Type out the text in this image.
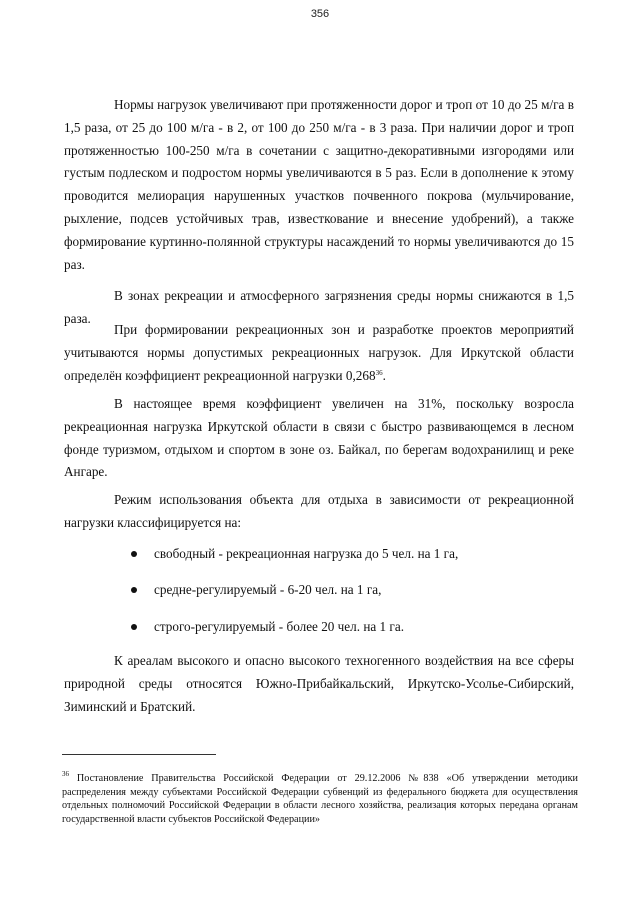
356

Нормы нагрузок увеличивают при протяженности дорог и троп от 10 до 25 м/га в 1,5 раза, от 25 до 100 м/га - в 2, от 100 до 250 м/га - в 3 раза. При наличии дорог и троп протяженностью 100-250 м/га в сочетании с защитно-декоративными изгородями или густым подлеском и подростом нормы увеличиваются в 5 раз. Если в дополнение к этому проводится мелиорация нарушенных участков почвенного покрова (мульчирование, рыхление, подсев устойчивых трав, известкование и внесение удобрений), а также формирование куртинно-полянной структуры насаждений то нормы увеличиваются до 15 раз.

В зонах рекреации и атмосферного загрязнения среды нормы снижаются в 1,5 раза.

При формировании рекреационных зон и разработке проектов мероприятий учитываются нормы допустимых рекреационных нагрузок. Для Иркутской области определён коэффициент рекреационной нагрузки 0,268$^{36}$.

В настоящее время коэффициент увеличен на 31%, поскольку возросла рекреационная нагрузка Иркутской области в связи с быстро развивающемся в лесном фонде туризмом, отдыхом и спортом в зоне оз. Байкал, по берегам водохранилищ и реке Ангаре.

Режим использования объекта для отдыха в зависимости от рекреационной нагрузки классифицируется на:

свободный - рекреационная нагрузка до 5 чел. на 1 га,
средне-регулируемый - 6-20 чел. на 1 га,
строго-регулируемый - более 20 чел. на 1 га.

К ареалам высокого и опасно высокого техногенного воздействия на все сферы природной среды относятся Южно-Прибайкальский, Иркутско-Усолье-Сибирский, Зиминский и Братский.

$^{36}$ Постановление Правительства Российской Федерации от 29.12.2006 №838 «Об утверждении методики распределения между субъектами Российской Федерации субвенций из федерального бюджета для осуществления отдельных полномочий Российской Федерации в области лесного хозяйства, реализация которых передана органам государственной власти субъектов Российской Федерации»
